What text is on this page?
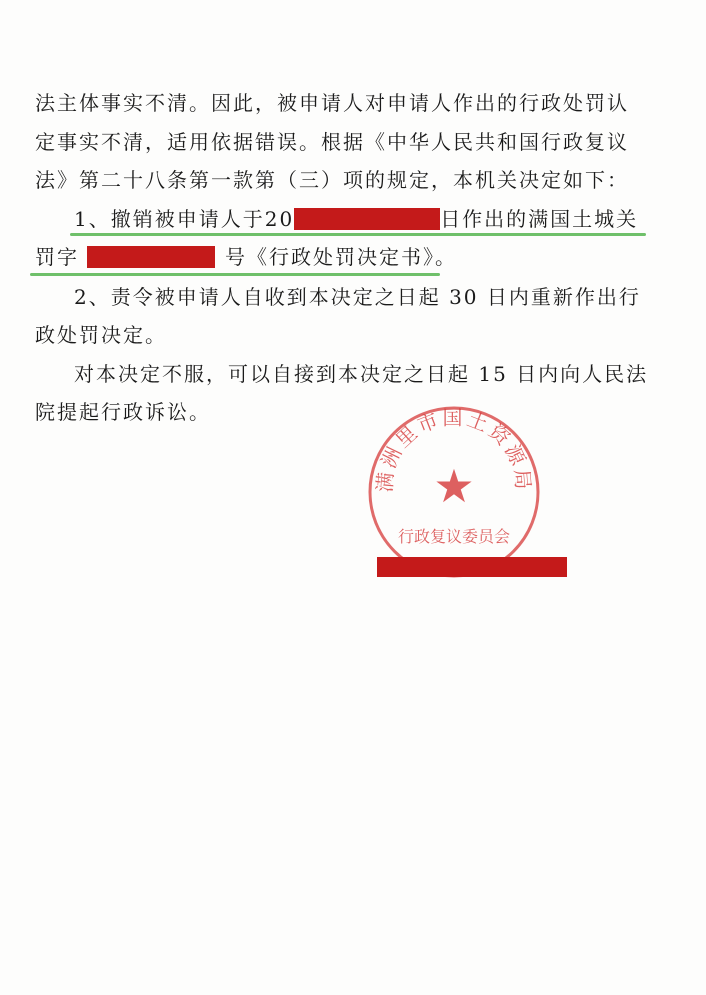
法主体事实不清。因此，被申请人对申请人作出的行政处罚认
定事实不清，适用依据错误。根据《中华人民共和国行政复议
法》第二十八条第一款第（三）项的规定，本机关决定如下：
1、撤销被申请人于20	日作出的满国土城关
罚字	号《行政处罚决定书》。
2、责令被申请人自收到本决定之日起 30 日内重新作出行
政处罚决定。
对本决定不服，可以自接到本决定之日起 15 日内向人民法
院提起行政诉讼。
满洲里市国土资源局
★
行政复议委员会
